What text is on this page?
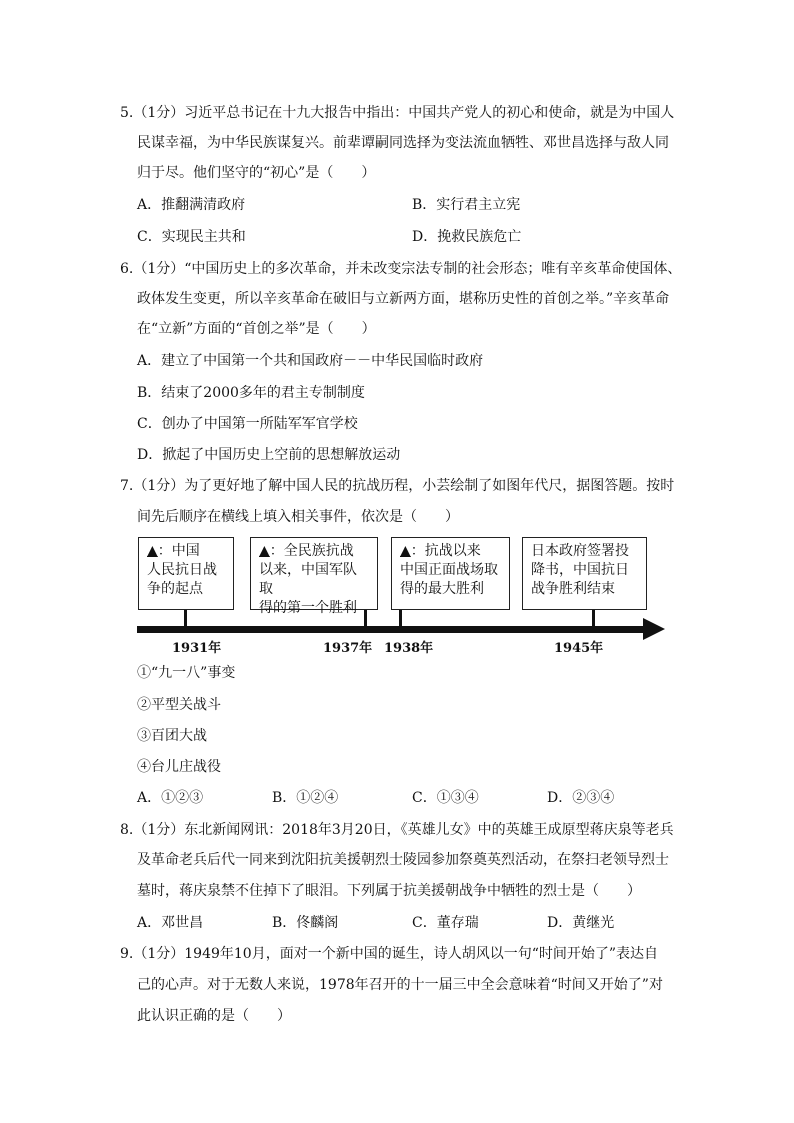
5.（1分）习近平总书记在十九大报告中指出：中国共产党人的初心和使命，就是为中国人
民谋幸福，为中华民族谋复兴。前辈谭嗣同选择为变法流血牺牲、邓世昌选择与敌人同
归于尽。他们坚守的“初心”是（　　）
A．推翻满清政府	B．实行君主立宪
C．实现民主共和	D．挽救民族危亡
6.（1分）“中国历史上的多次革命，并未改变宗法专制的社会形态；唯有辛亥革命使国体、
政体发生变更，所以辛亥革命在破旧与立新两方面，堪称历史性的首创之举。”辛亥革命
在“立新”方面的“首创之举”是（　　）
A．建立了中国第一个共和国政府－－中华民国临时政府
B．结束了2000多年的君主专制制度
C．创办了中国第一所陆军军官学校
D．掀起了中国历史上空前的思想解放运动
7.（1分）为了更好地了解中国人民的抗战历程，小芸绘制了如图年代尺，据图答题。按时
间先后顺序在横线上填入相关事件，依次是（　　）
▲：中国
人民抗日战
争的起点
▲：全民族抗战
以来，中国军队取
得的第一个胜利
▲：抗战以来
中国正面战场取
得的最大胜利
日本政府签署投
降书，中国抗日
战争胜利结束
1931年	1937年 1938年	1945年
①“九一八”事变
②平型关战斗
③百团大战
④台儿庄战役
A．①②③	B．①②④	C．①③④	D．②③④
8.（1分）东北新闻网讯：2018年3月20日，《英雄儿女》中的英雄王成原型蒋庆泉等老兵
及革命老兵后代一同来到沈阳抗美援朝烈士陵园参加祭奠英烈活动，在祭扫老领导烈士
墓时，蒋庆泉禁不住掉下了眼泪。下列属于抗美援朝战争中牺牲的烈士是（　　）
A．邓世昌	B．佟麟阁	C．董存瑞	D．黄继光
9.（1分）1949年10月，面对一个新中国的诞生，诗人胡风以一句“时间开始了”表达自
己的心声。对于无数人来说，1978年召开的十一届三中全会意味着“时间又开始了”对
此认识正确的是（　　）
